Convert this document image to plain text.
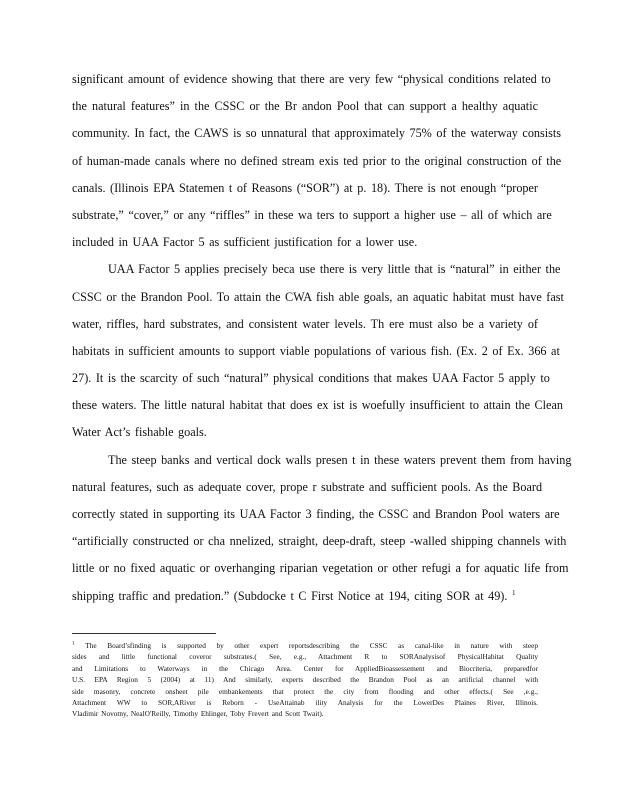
significant amount of evidence showing that there are very few “physical conditions related to
the natural features” in the CSSC or the Br andon Pool that can support a healthy aquatic
community. In fact, the CAWS is so unnatural that approximately 75% of the waterway consists
of human-made canals where no defined stream exis ted prior to the original construction of the
canals. (Illinois EPA Statemen t of Reasons (“SOR”) at p. 18). There is not enough “proper
substrate,” “cover,” or any “riffles” in these wa ters to support a higher use – all of which are
included in UAA Factor 5 as sufficient justification for a lower use.
UAA Factor 5 applies precisely beca use there is very little that is “natural” in either the
CSSC or the Brandon Pool. To attain the CWA fish able goals, an aquatic habitat must have fast
water, riffles, hard substrates, and consistent water levels. Th ere must also be a variety of
habitats in sufficient amounts to support viable populations of various fish. (Ex. 2 of Ex. 366 at
27). It is the scarcity of such “natural” physical conditions that makes UAA Factor 5 apply to
these waters. The little natural habitat that does ex ist is woefully insufficient to attain the Clean
Water Act’s fishable goals.
The steep banks and vertical dock walls presen t in these waters prevent them from having
natural features, such as adequate cover, prope r substrate and sufficient pools. As the Board
correctly stated in supporting its UAA Factor 3 finding, the CSSC and Brandon Pool waters are
“artificially constructed or cha nnelized, straight, deep-draft, steep -walled shipping channels with
little or no fixed aquatic or overhanging riparian vegetation or other refugi a for aquatic life from
shipping traffic and predation.” (Subdocke t C First Notice at 194, citing SOR at 49). $^1$
$^1$ The Board’sfinding is supported by other expert reportsdescribing the CSSC as canal-like in nature with steep
sides and little functional coveror substrates.( See, e.g., Attachment R to SORAnalysisof PhysicalHabitat Quality
and Limitations to Waterways in the Chicago Area. Center for AppliedBioassessement and Biocriteria, preparedfor
U.S. EPA Region 5 (2004) at 11) And similarly, experts described the Brandon Pool as an artificial channel with
side masonry, concrete onsheet pile embankements that protect the city from flooding and other effects.( See ,e.g.,
Attachment WW to SOR,ARiver is Reborn - UseAttainab ility Analysis for the LowerDes Plaines River, Illinois.
Vladimir Novotny, NealO'Reilly, Timothy Ehlinger, Toby Frevert and Scott Twait).
